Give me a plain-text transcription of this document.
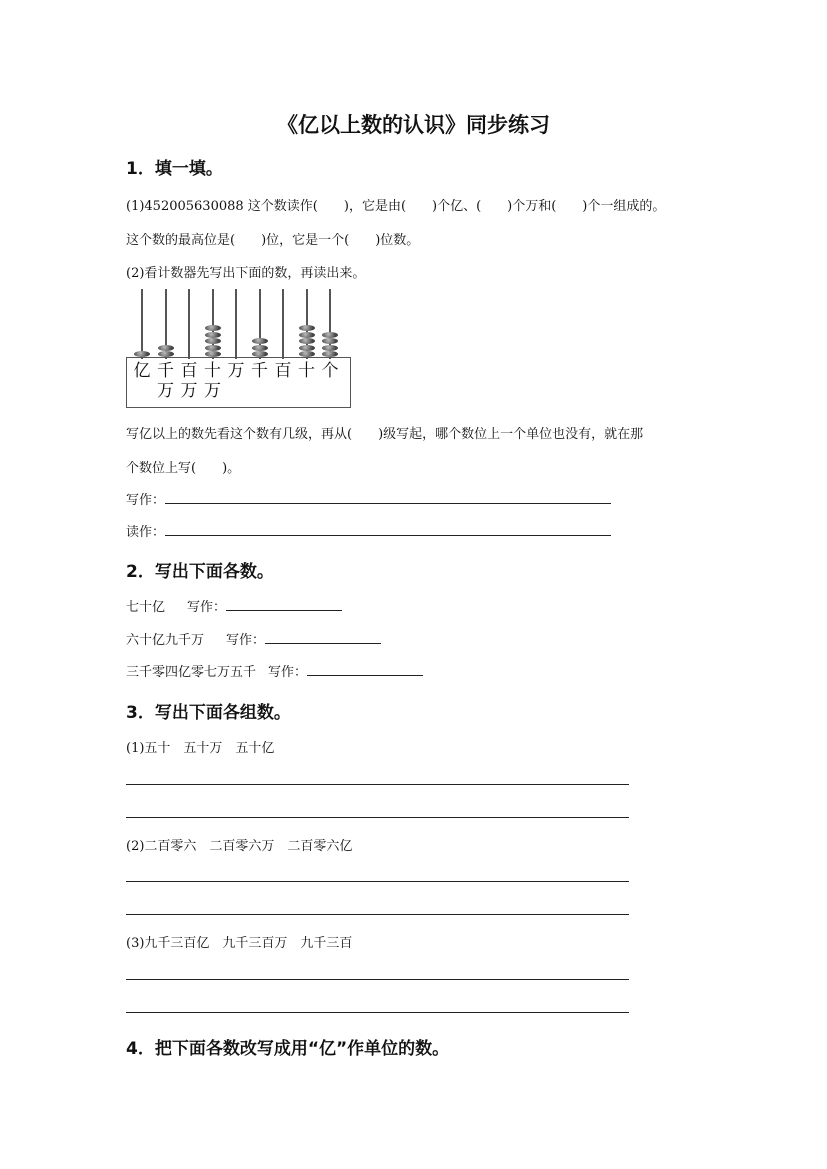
《亿以上数的认识》同步练习
1．填一填。
(1)452005630088 这个数读作(　　)，它是由(　　)个亿、(　　)个万和(　　)个一组成的。
这个数的最高位是(　　)位，它是一个(　　)位数。
(2)看计数器先写出下面的数，再读出来。
亿 千
万
百
万
十
万
万 千 百 十 个
写亿以上的数先看这个数有几级，再从(　　)级写起，哪个数位上一个单位也没有，就在那
个数位上写(　　)。
写作：
读作：
2．写出下面各数。
七十亿 写作：
六十亿九千万 写作：
三千零四亿零七万五千 写作：
3．写出下面各组数。
(1)五十　五十万　五十亿
(2)二百零六　二百零六万　二百零六亿
(3)九千三百亿　九千三百万　九千三百
4．把下面各数改写成用“亿”作单位的数。
